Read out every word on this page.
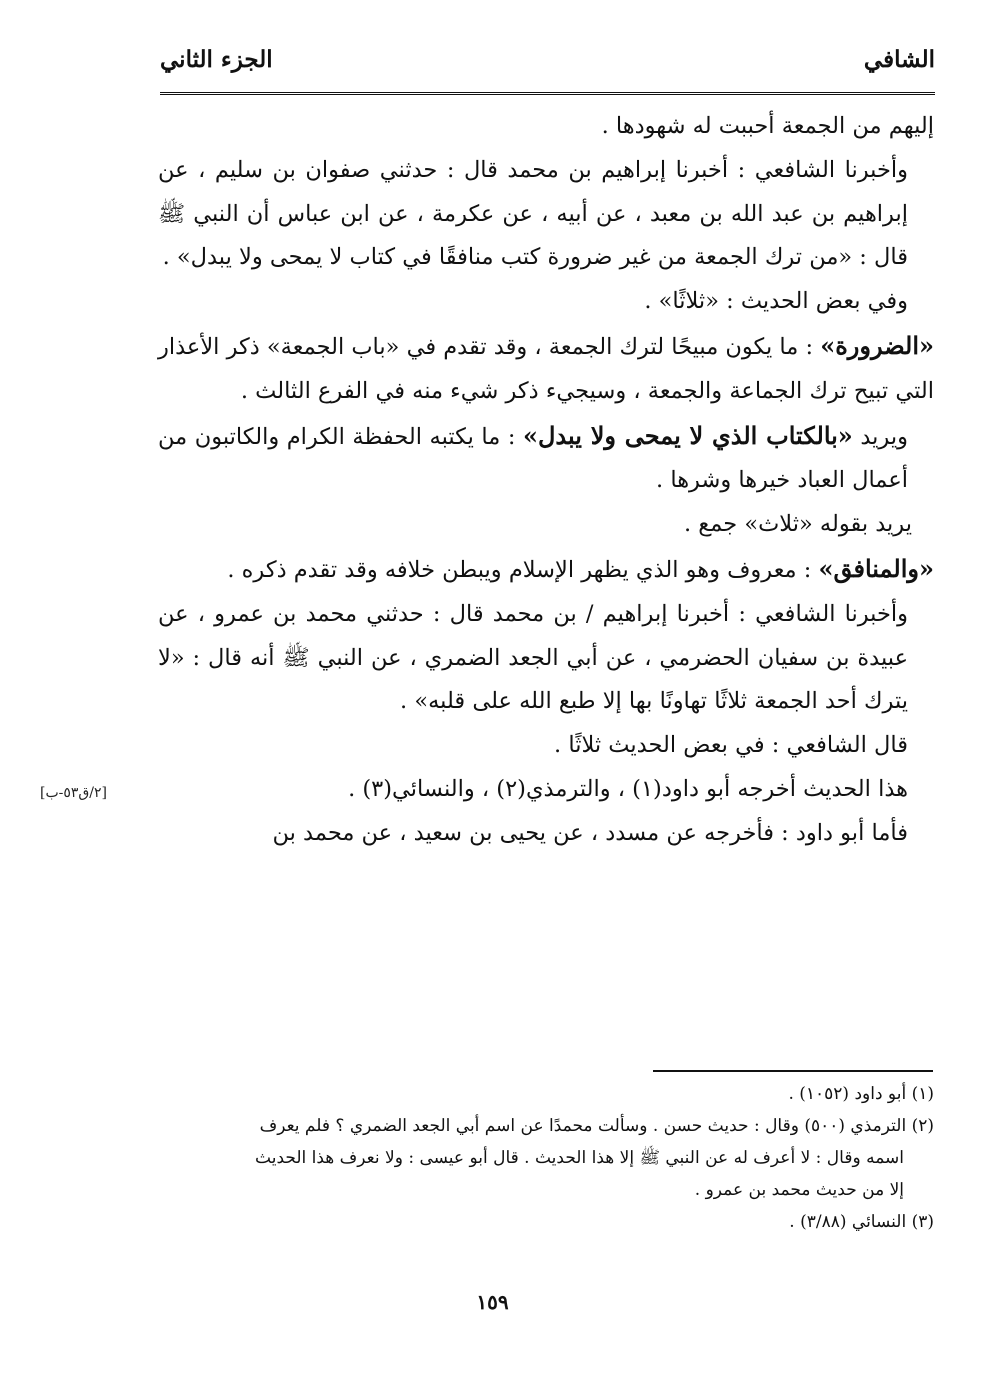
الشافي
الجزء الثاني

إليهم من الجمعة أحببت له شهودها .

وأخبرنا الشافعي : أخبرنا إبراهيم بن محمد قال : حدثني صفوان بن سليم ، عن إبراهيم بن عبد الله بن معبد ، عن أبيه ، عن عكرمة ، عن ابن عباس أن النبي ﷺ قال : «من ترك الجمعة من غير ضرورة كتب منافقًا في كتاب لا يمحى ولا يبدل» .

وفي بعض الحديث : «ثلاثًا» .

«الضرورة» : ما يكون مبيحًا لترك الجمعة ، وقد تقدم في «باب الجمعة» ذكر الأعذار التي تبيح ترك الجماعة والجمعة ، وسيجيء ذكر شيء منه في الفرع الثالث .

ويريد «بالكتاب الذي لا يمحى ولا يبدل» : ما يكتبه الحفظة الكرام والكاتبون من أعمال العباد خيرها وشرها .

يريد بقوله «ثلاث» جمع .

«والمنافق» : معروف وهو الذي يظهر الإسلام ويبطن خلافه وقد تقدم ذكره .

وأخبرنا الشافعي : أخبرنا إبراهيم / بن محمد قال : حدثني محمد بن عمرو ، عن عبيدة بن سفيان الحضرمي ، عن أبي الجعد الضمري ، عن النبي ﷺ أنه قال : «لا يترك أحد الجمعة ثلاثًا تهاونًا بها إلا طبع الله على قلبه» .

قال الشافعي : في بعض الحديث ثلاثًا .

هذا الحديث أخرجه أبو داود(١) ، والترمذي(٢) ، والنسائي(٣) .

فأما أبو داود : فأخرجه عن مسدد ، عن يحيى بن سعيد ، عن محمد بن

[٢/ق٥٣-ب]

(١) أبو داود (١٠٥٢) .

(٢) الترمذي (٥٠٠) وقال : حديث حسن . وسألت محمدًا عن اسم أبي الجعد الضمري ؟ فلم يعرف

اسمه وقال : لا أعرف له عن النبي ﷺ إلا هذا الحديث . قال أبو عيسى : ولا نعرف هذا الحديث

إلا من حديث محمد بن عمرو .

(٣) النسائي (٣/٨٨) .

١٥٩
